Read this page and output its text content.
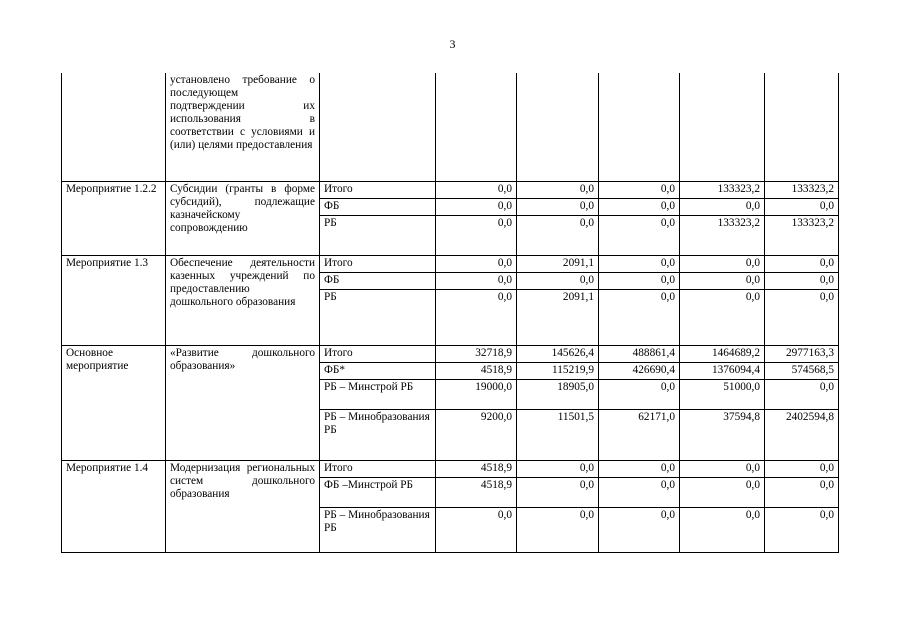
3
	установлено требование о последующем подтверждении их использования в соответствии с условиями и (или) целями предоставления						
Мероприятие 1.2.2	Субсидии (гранты в форме субсидий), подлежащие казначейскому сопровождению	Итого	0,0	0,0	0,0	133323,2	133323,2
		ФБ	0,0	0,0	0,0	0,0	0,0
		РБ	0,0	0,0	0,0	133323,2	133323,2
Мероприятие 1.3	Обеспечение деятельности казенных учреждений по предоставлению дошкольного образования	Итого	0,0	2091,1	0,0	0,0	0,0
		ФБ	0,0	0,0	0,0	0,0	0,0
		РБ	0,0	2091,1	0,0	0,0	0,0
Основное мероприятие	«Развитие дошкольного образования»	Итого	32718,9	145626,4	488861,4	1464689,2	2977163,3
		ФБ*	4518,9	115219,9	426690,4	1376094,4	574568,5
		РБ – Минстрой РБ	19000,0	18905,0	0,0	51000,0	0,0
		РБ – Минобразования РБ	9200,0	11501,5	62171,0	37594,8	2402594,8
Мероприятие 1.4	Модернизация региональных систем дошкольного образования	Итого	4518,9	0,0	0,0	0,0	0,0
		ФБ –Минстрой РБ	4518,9	0,0	0,0	0,0	0,0
		РБ – Минобразования РБ	0,0	0,0	0,0	0,0	0,0
